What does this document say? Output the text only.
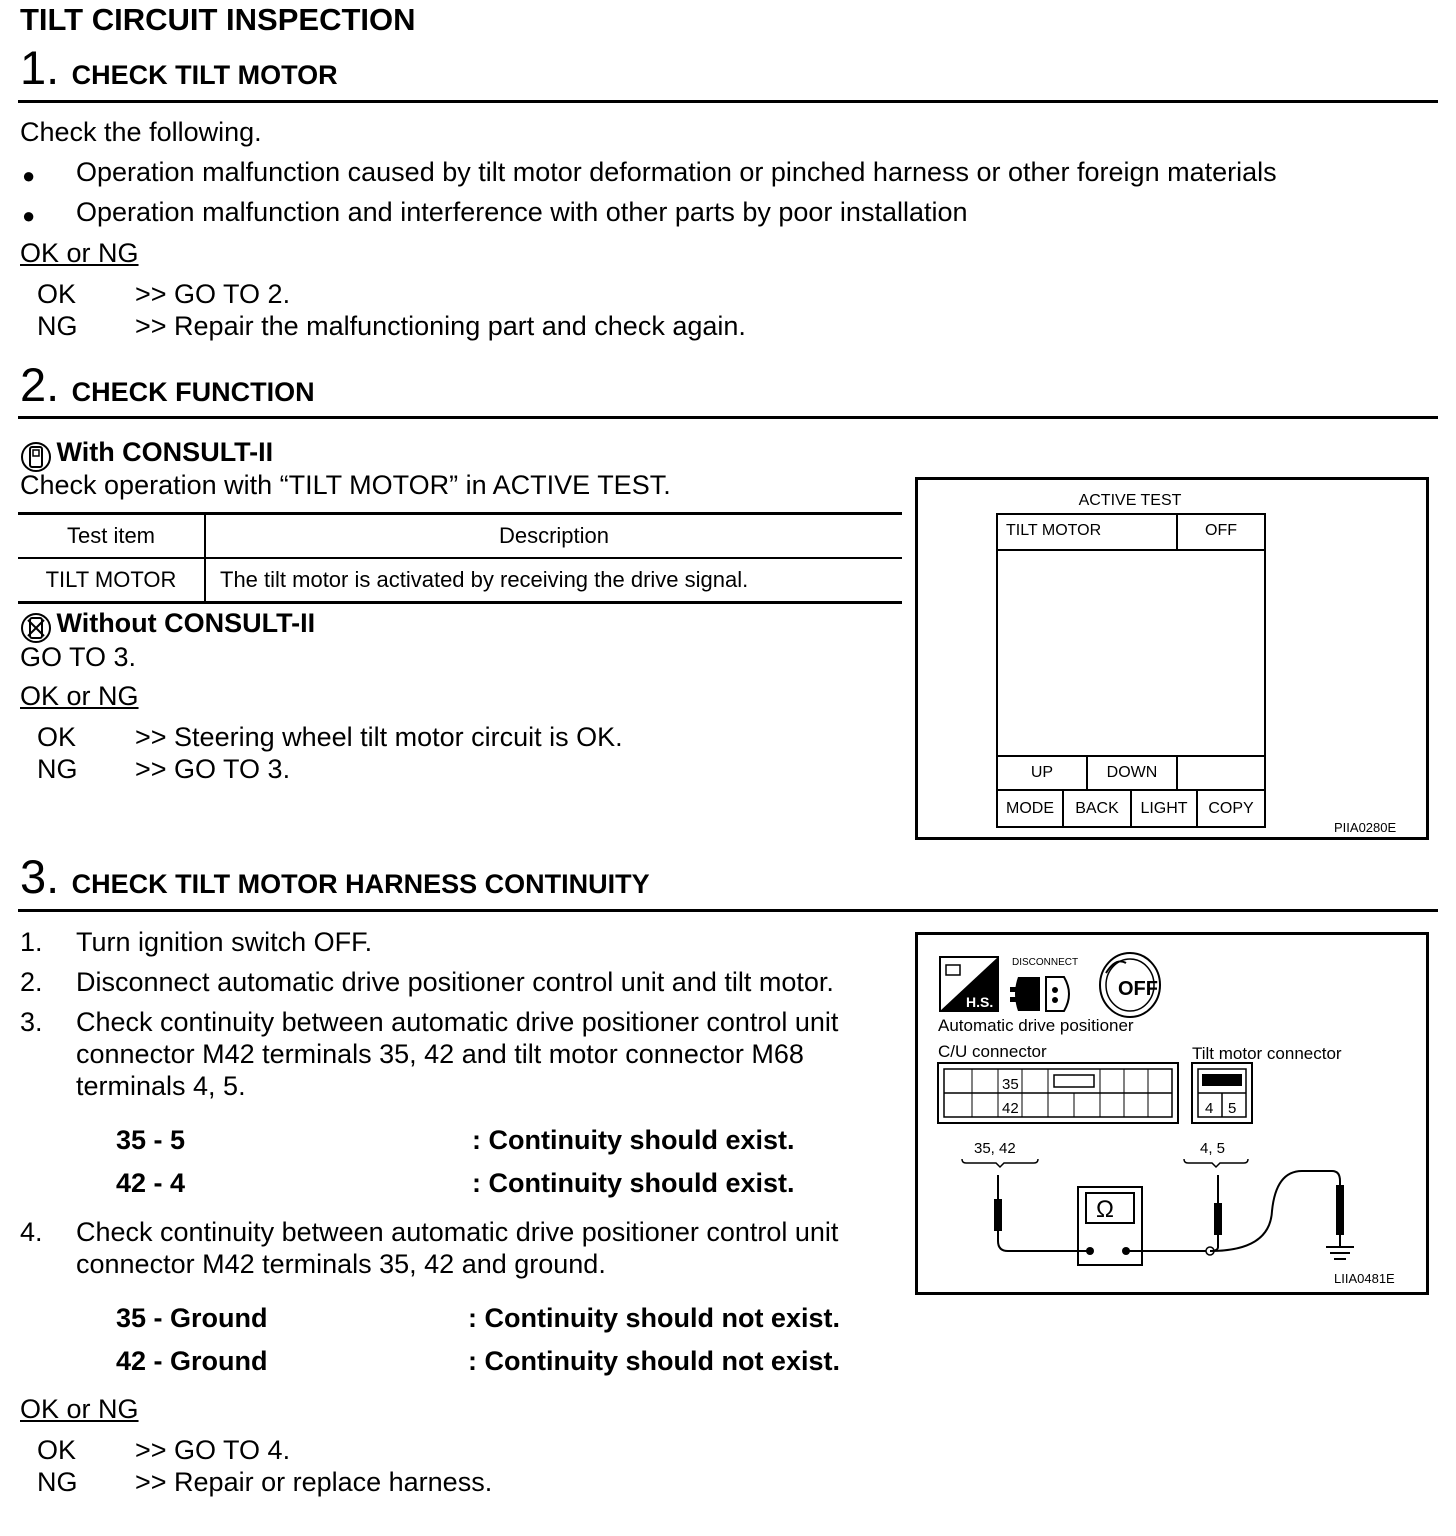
TILT CIRCUIT INSPECTION
1. CHECK TILT MOTOR
Check the following.
● Operation malfunction caused by tilt motor deformation or pinched harness or other foreign materials
● Operation malfunction and interference with other parts by poor installation
OK or NG
OK >> GO TO 2.
NG >> Repair the malfunctioning part and check again.
2. CHECK FUNCTION
With CONSULT-II
Check operation with “TILT MOTOR” in ACTIVE TEST.
Test item	Description
TILT MOTOR	The tilt motor is activated by receiving the drive signal.
Without CONSULT-II
GO TO 3.
OK or NG
OK >> Steering wheel tilt motor circuit is OK.
NG >> GO TO 3.
ACTIVE TEST
TILT MOTOR	OFF
UP	DOWN
MODE	BACK	LIGHT	COPY
PIIA0280E
3. CHECK TILT MOTOR HARNESS CONTINUITY
1. Turn ignition switch OFF.
2. Disconnect automatic drive positioner control unit and tilt motor.
3. Check continuity between automatic drive positioner control unit
connector M42 terminals 35, 42 and tilt motor connector M68
terminals 4, 5.
35 - 5	: Continuity should exist.
42 - 4	: Continuity should exist.
4. Check continuity between automatic drive positioner control unit
connector M42 terminals 35, 42 and ground.
35 - Ground	: Continuity should not exist.
42 - Ground	: Continuity should not exist.
OK or NG
OK >> GO TO 4.
NG >> Repair or replace harness.
H.S.
DISCONNECT
OFF
Automatic drive positioner
C/U connector	Tilt motor connector
35
42	4 5
35, 42	4, 5
Ω
LIIA0481E
